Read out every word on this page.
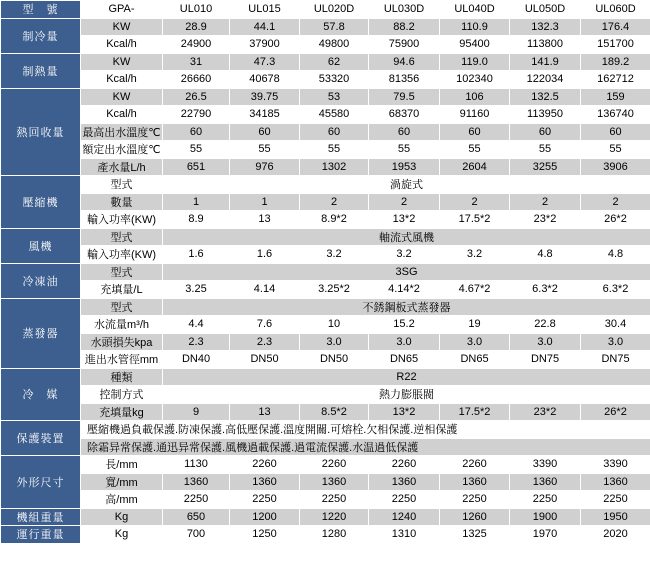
型　號	GPA-	UL010	UL015	UL020D	UL030D	UL040D	UL050D	UL060D
制冷量	KW	28.9	44.1	57.8	88.2	110.9	132.3	176.4
	Kcal/h	24900	37900	49800	75900	95400	113800	151700
制熱量	KW	31	47.3	62	94.6	119.0	141.9	189.2
	Kcal/h	26660	40678	53320	81356	102340	122034	162712
熱回收量	KW	26.5	39.75	53	79.5	106	132.5	159
	Kcal/h	22790	34185	45580	68370	91160	113950	136740
	最高出水溫度℃	60	60	60	60	60	60	60
	額定出水溫度℃	55	55	55	55	55	55	55
	產水量L/h	651	976	1302	1953	2604	3255	3906
壓縮機	型式	渦旋式						
	數量	1	1	2	2	2	2	2
	輸入功率(KW)	8.9	13	8.9*2	13*2	17.5*2	23*2	26*2
風機	型式	軸流式風機						
	輸入功率(KW)	1.6	1.6	3.2	3.2	3.2	4.8	4.8
冷凍油	型式	3SG						
	充填量/L	3.25	4.14	3.25*2	4.14*2	4.67*2	6.3*2	6.3*2
蒸發器	型式	不銹鋼板式蒸發器						
	水流量m³/h	4.4	7.6	10	15.2	19	22.8	30.4
	水頭損失kpa	2.3	2.3	3.0	3.0	3.0	3.0	3.0
	進出水管徑mm	DN40	DN50	DN50	DN65	DN65	DN75	DN75
冷　媒	種類	R22						
	控制方式	熱力膨脹閥						
	充填量kg	9	13	8.5*2	13*2	17.5*2	23*2	26*2
保護裝置	壓縮機過負載保護.防凍保護.高低壓保護.溫度開關.可熔栓.欠相保護.逆相保護							
	除霜异常保護.通迅异常保護.風機過載保護.過電流保護.水温過低保護							
外形尺寸	長/mm	1130	2260	2260	2260	2260	3390	3390
	寬/mm	1360	1360	1360	1360	1360	1360	1360
	高/mm	2250	2250	2250	2250	2250	2250	2250
機組重量	Kg	650	1200	1220	1240	1260	1900	1950
運行重量	Kg	700	1250	1280	1310	1325	1970	2020
